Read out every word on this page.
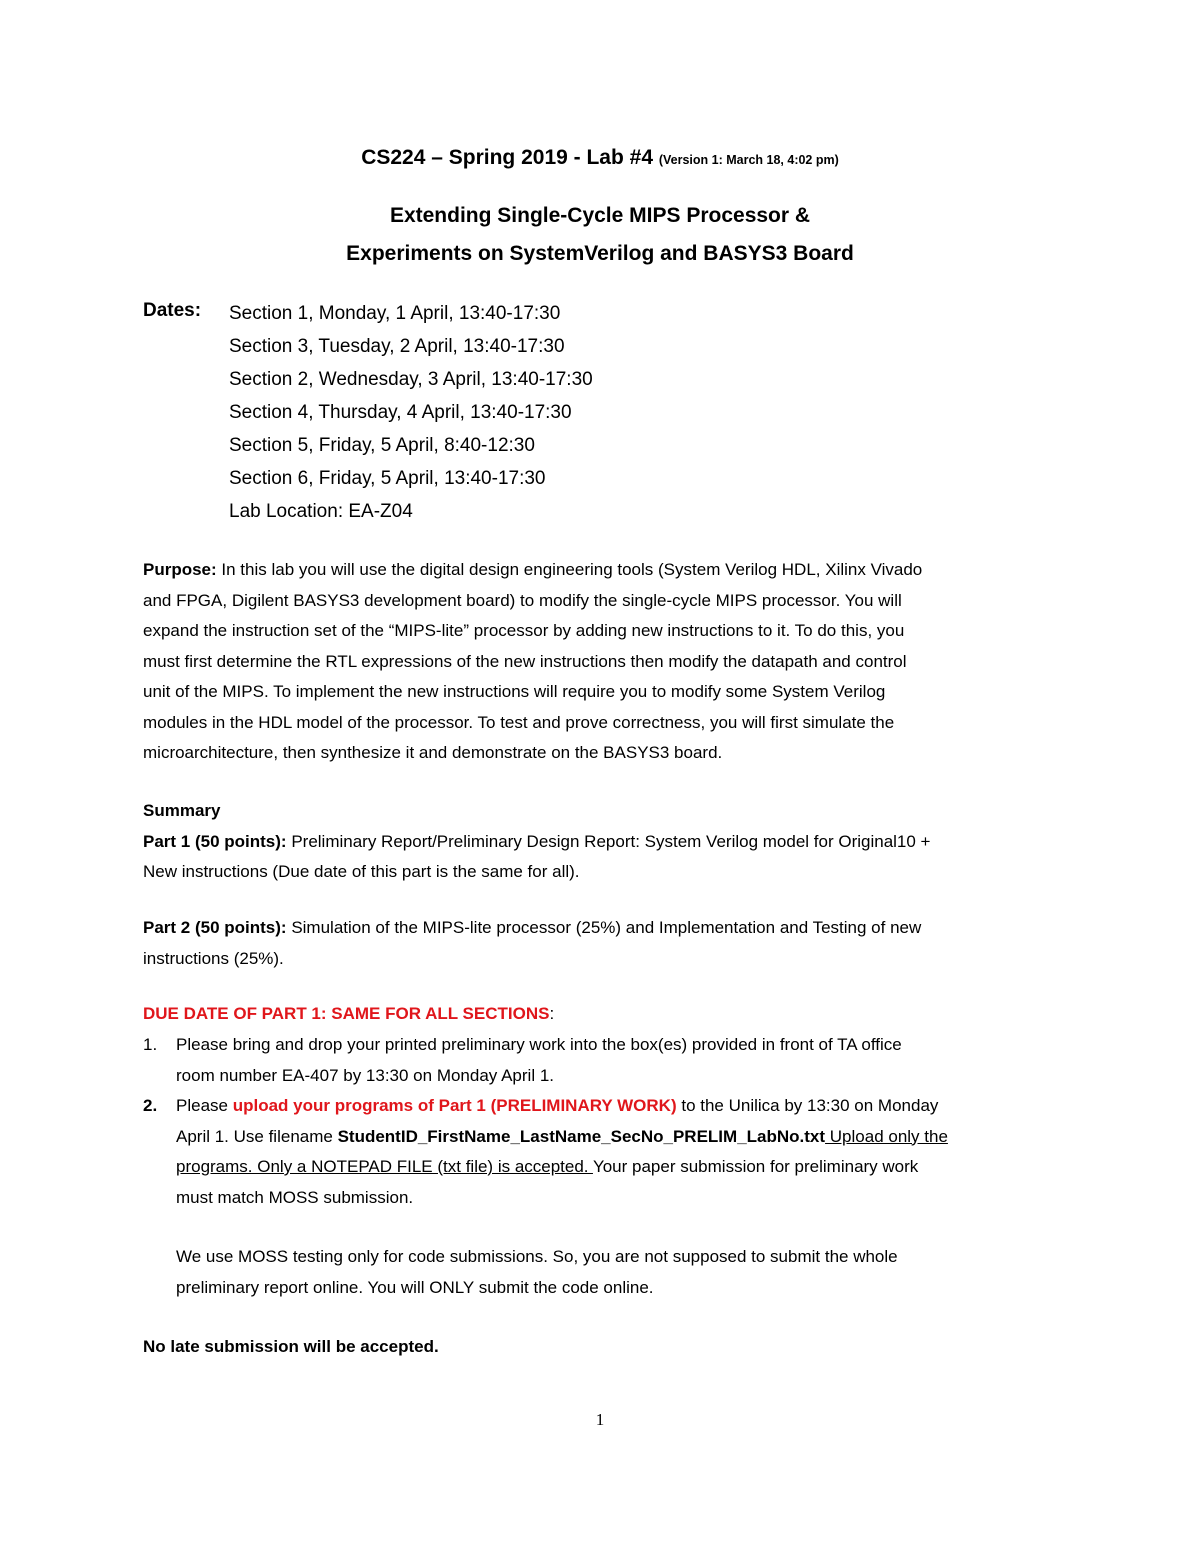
CS224 – Spring 2019 - Lab #4 (Version 1: March 18, 4:02 pm)
Extending Single-Cycle MIPS Processor &
Experiments on SystemVerilog and BASYS3 Board
Dates: Section 1, Monday, 1 April, 13:40-17:30
Section 3, Tuesday, 2 April, 13:40-17:30
Section 2, Wednesday, 3 April, 13:40-17:30
Section 4, Thursday, 4 April, 13:40-17:30
Section 5, Friday, 5 April, 8:40-12:30
Section 6, Friday, 5 April, 13:40-17:30
Lab Location: EA-Z04
Purpose: In this lab you will use the digital design engineering tools (System Verilog HDL, Xilinx Vivado
and FPGA, Digilent BASYS3 development board) to modify the single-cycle MIPS processor. You will
expand the instruction set of the “MIPS-lite” processor by adding new instructions to it. To do this, you
must first determine the RTL expressions of the new instructions then modify the datapath and control
unit of the MIPS. To implement the new instructions will require you to modify some System Verilog
modules in the HDL model of the processor. To test and prove correctness, you will first simulate the
microarchitecture, then synthesize it and demonstrate on the BASYS3 board.
Summary
Part 1 (50 points): Preliminary Report/Preliminary Design Report: System Verilog model for Original10 +
New instructions (Due date of this part is the same for all).
Part 2 (50 points): Simulation of the MIPS-lite processor (25%) and Implementation and Testing of new
instructions (25%).
DUE DATE OF PART 1: SAME FOR ALL SECTIONS:
1. Please bring and drop your printed preliminary work into the box(es) provided in front of TA office
room number EA-407 by 13:30 on Monday April 1.
2. Please upload your programs of Part 1 (PRELIMINARY WORK) to the Unilica by 13:30 on Monday
April 1. Use filename StudentID_FirstName_LastName_SecNo_PRELIM_LabNo.txt Upload only the
programs. Only a NOTEPAD FILE (txt file) is accepted. Your paper submission for preliminary work
must match MOSS submission.
We use MOSS testing only for code submissions. So, you are not supposed to submit the whole
preliminary report online. You will ONLY submit the code online.
No late submission will be accepted.
1
